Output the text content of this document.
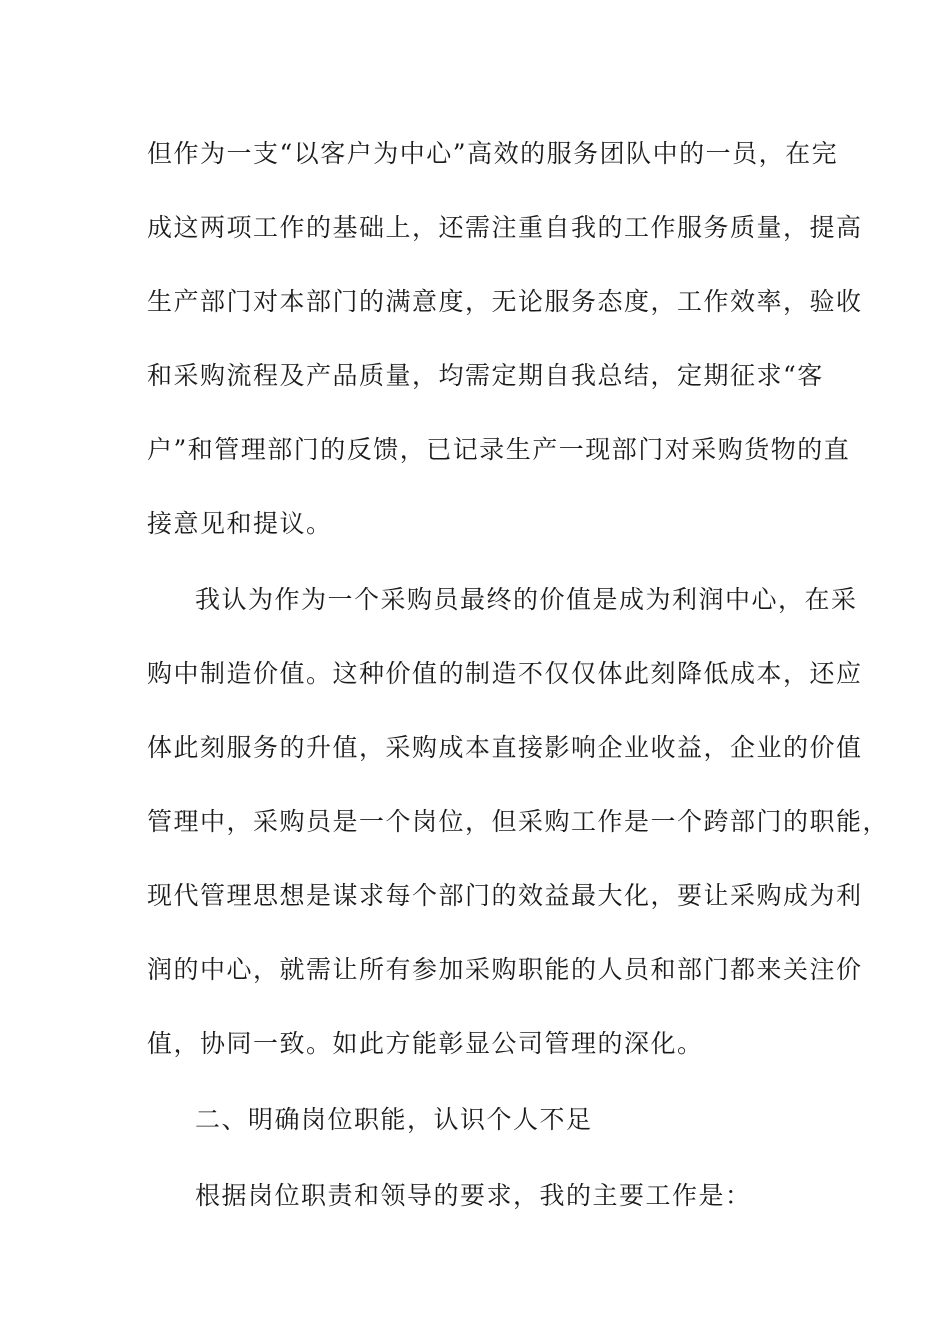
但作为一支“以客户为中心”高效的服务团队中的一员，在完
成这两项工作的基础上，还需注重自我的工作服务质量，提高
生产部门对本部门的满意度，无论服务态度，工作效率，验收
和采购流程及产品质量，均需定期自我总结，定期征求“客
户”和管理部门的反馈，已记录生产一现部门对采购货物的直
接意见和提议。
我认为作为一个采购员最终的价值是成为利润中心，在采
购中制造价值。这种价值的制造不仅仅体此刻降低成本，还应
体此刻服务的升值，采购成本直接影响企业收益，企业的价值
管理中，采购员是一个岗位，但采购工作是一个跨部门的职能，
现代管理思想是谋求每个部门的效益最大化，要让采购成为利
润的中心，就需让所有参加采购职能的人员和部门都来关注价
值，协同一致。如此方能彰显公司管理的深化。
二、明确岗位职能，认识个人不足
根据岗位职责和领导的要求，我的主要工作是：
